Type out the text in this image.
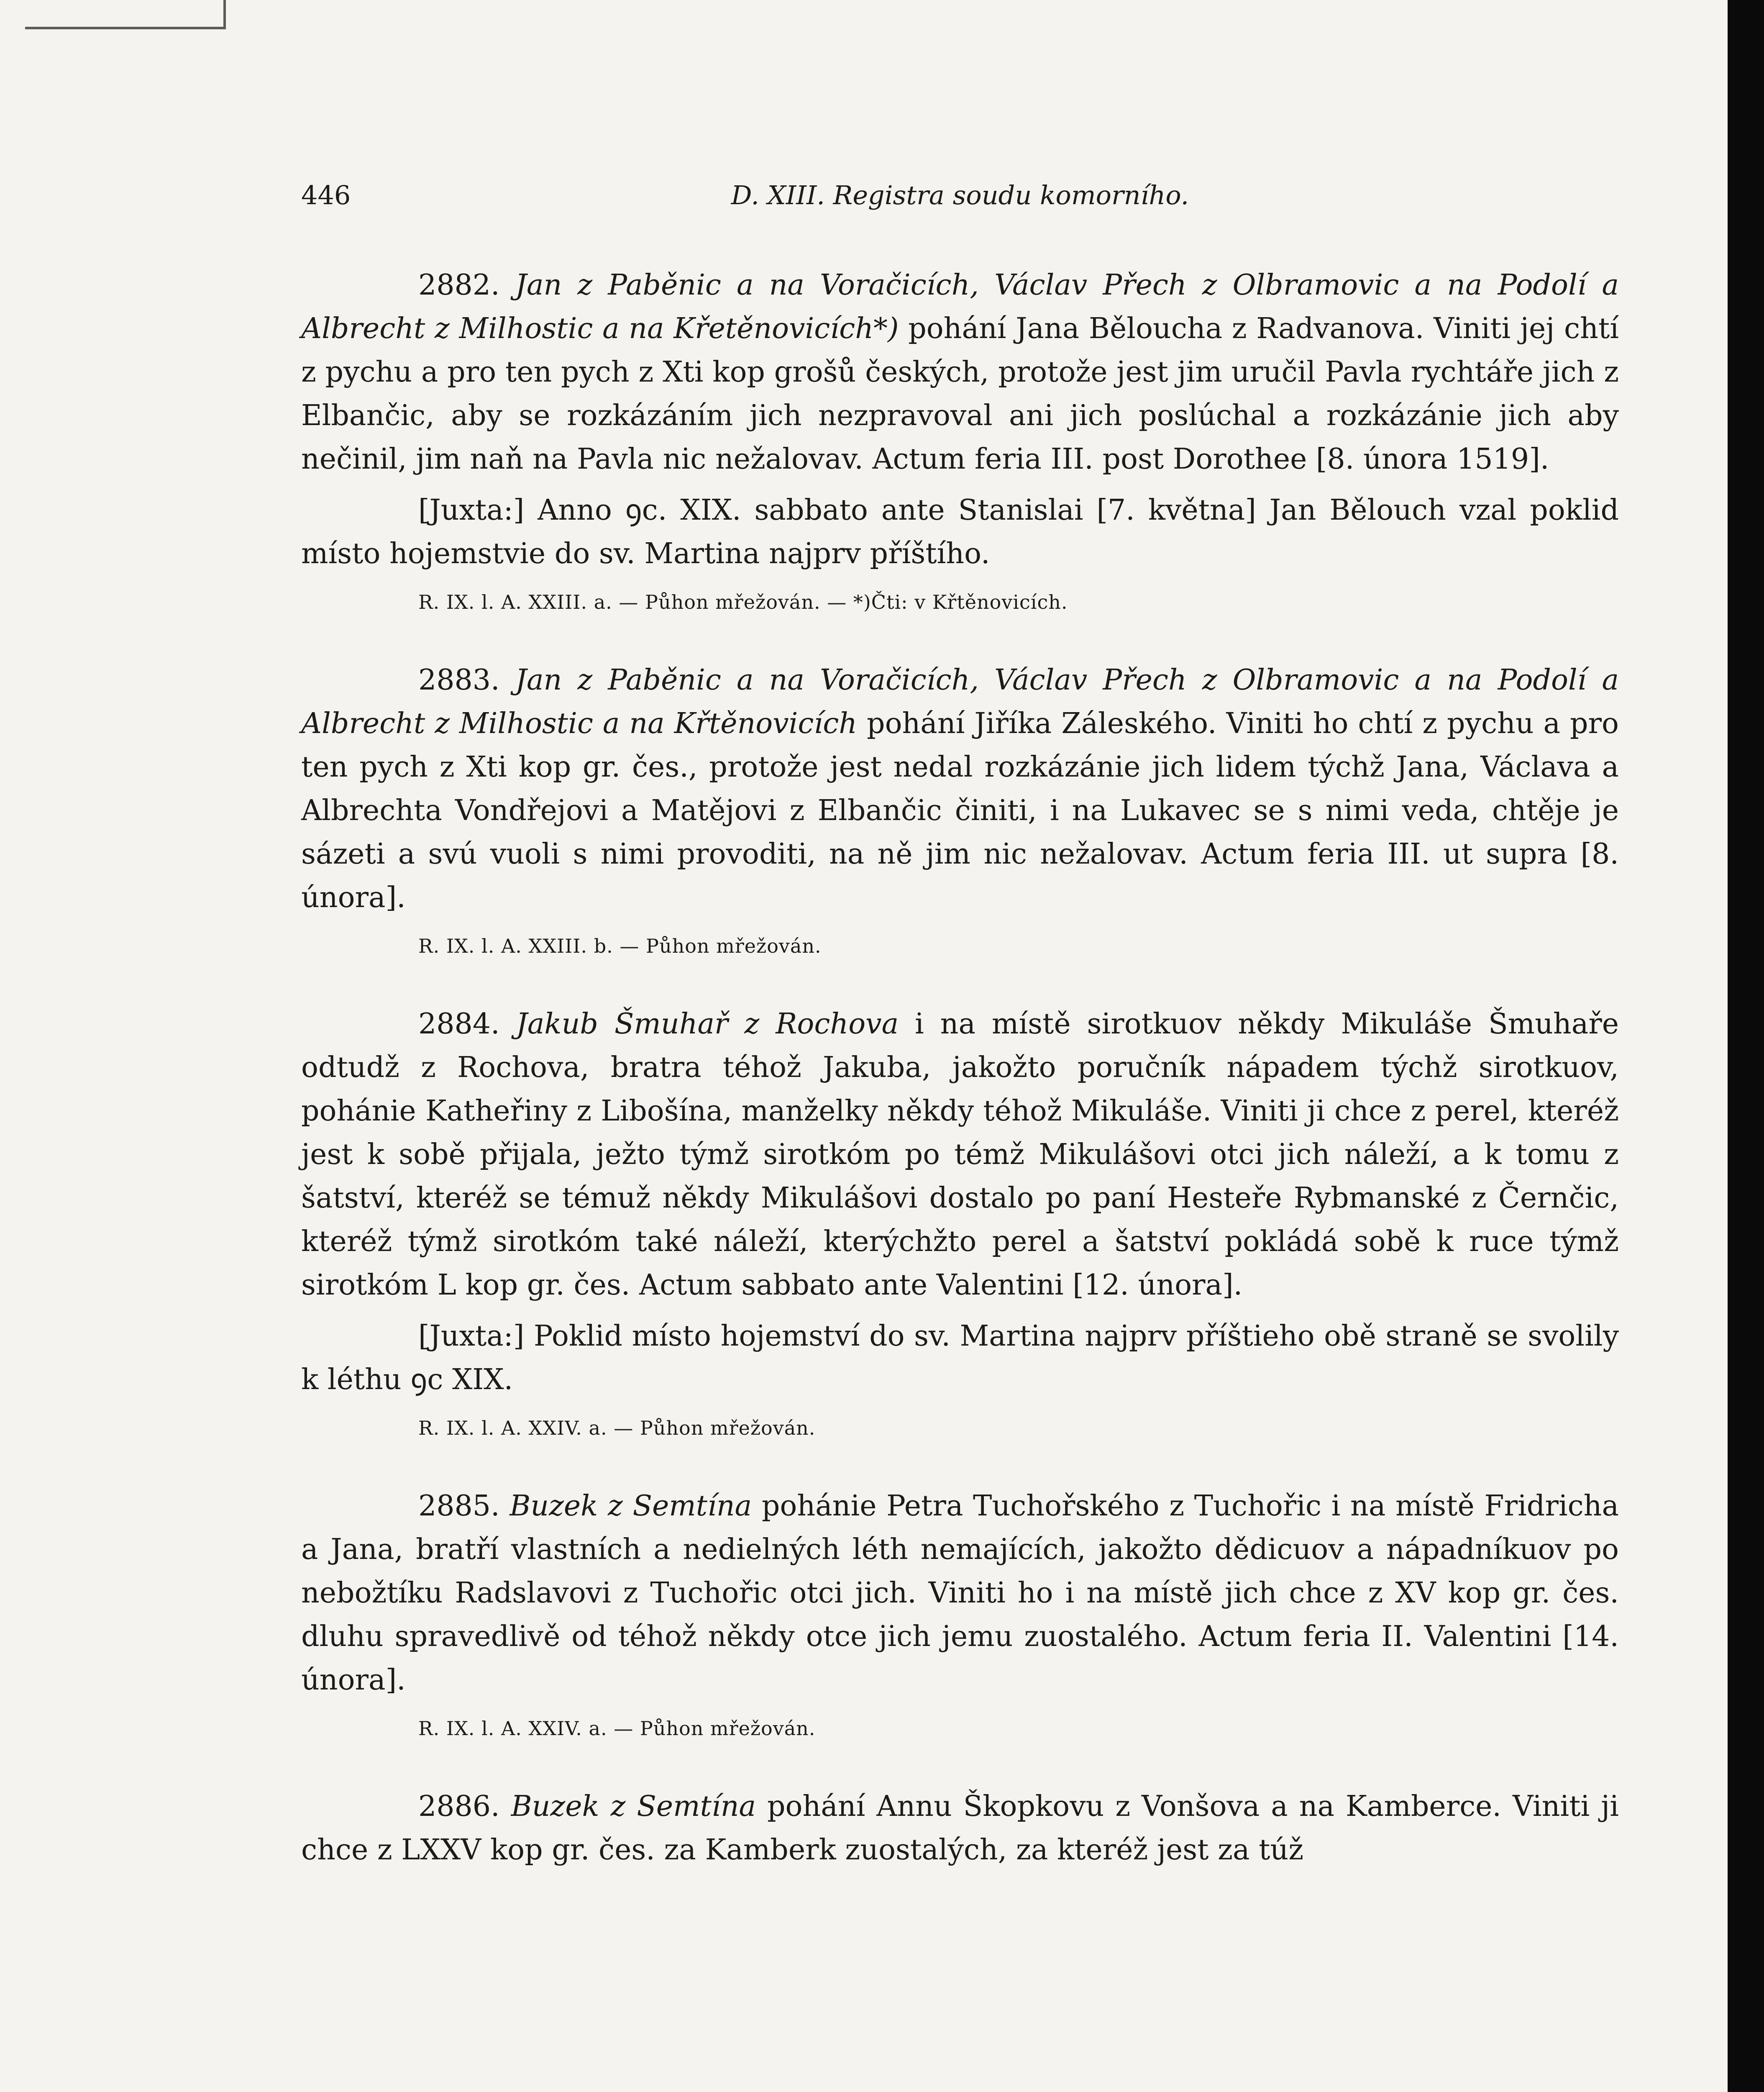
446	D. XIII. Registra soudu komorního.

2882. Jan z Paběnic a na Voračicích, Václav Přech z Olbramovic a na Podolí a Albrecht z Milhostic a na Křetěnovicích*) pohání Jana Běloucha z Radvanova. Viniti jej chtí z pychu a pro ten pych z Xti kop grošů českých, protože jest jim uručil Pavla rychtáře jich z Elbančic, aby se rozkázáním jich nezpravoval ani jich poslúchal a rozkázánie jich aby nečinil, jim naň na Pavla nic nežalovav. Actum feria III. post Dorothee [8. února 1519].

[Juxta:] Anno ꝯc. XIX. sabbato ante Stanislai [7. května] Jan Bělouch vzal poklid místo hojemstvie do sv. Martina najprv příštího.

R. IX. l. A. XXIII. a. — Půhon mřežován. — *)Čti: v Křtěnovicích.

2883. Jan z Paběnic a na Voračicích, Václav Přech z Olbramovic a na Podolí a Albrecht z Milhostic a na Křtěnovicích pohání Jiříka Záleského. Viniti ho chtí z pychu a pro ten pych z Xti kop gr. čes., protože jest nedal rozkázánie jich lidem týchž Jana, Václava a Albrechta Vondřejovi a Matějovi z Elbančic činiti, i na Lukavec se s nimi veda, chtěje je sázeti a svú vuoli s nimi provoditi, na ně jim nic nežalovav. Actum feria III. ut supra [8. února].

R. IX. l. A. XXIII. b. — Půhon mřežován.

2884. Jakub Šmuhař z Rochova i na místě sirotkuov někdy Mikuláše Šmuhaře odtudž z Rochova, bratra téhož Jakuba, jakožto poručník nápadem týchž sirotkuov, pohánie Katheřiny z Libošína, manželky někdy téhož Mikuláše. Viniti ji chce z perel, kteréž jest k sobě přijala, ježto týmž sirotkóm po témž Mikulášovi otci jich náleží, a k tomu z šatství, kteréž se témuž někdy Mikulášovi dostalo po paní Hesteře Rybmanské z Černčic, kteréž týmž sirotkóm také náleží, kterýchžto perel a šatství pokládá sobě k ruce týmž sirotkóm L kop gr. čes. Actum sabbato ante Valentini [12. února].

[Juxta:] Poklid místo hojemství do sv. Martina najprv příštieho obě straně se svolily k léthu ꝯc XIX.

R. IX. l. A. XXIV. a. — Půhon mřežován.

2885. Buzek z Semtína pohánie Petra Tuchořského z Tuchořic i na místě Fridricha a Jana, bratří vlastních a nedielných léth nemajících, jakožto dědicuov a nápadníkuov po nebožtíku Radslavovi z Tuchořic otci jich. Viniti ho i na místě jich chce z XV kop gr. čes. dluhu spravedlivě od téhož někdy otce jich jemu zuostalého. Actum feria II. Valentini [14. února].

R. IX. l. A. XXIV. a. — Půhon mřežován.

2886. Buzek z Semtína pohání Annu Škopkovu z Vonšova a na Kamberce. Viniti ji chce z LXXV kop gr. čes. za Kamberk zuostalých, za kteréž jest za túž
